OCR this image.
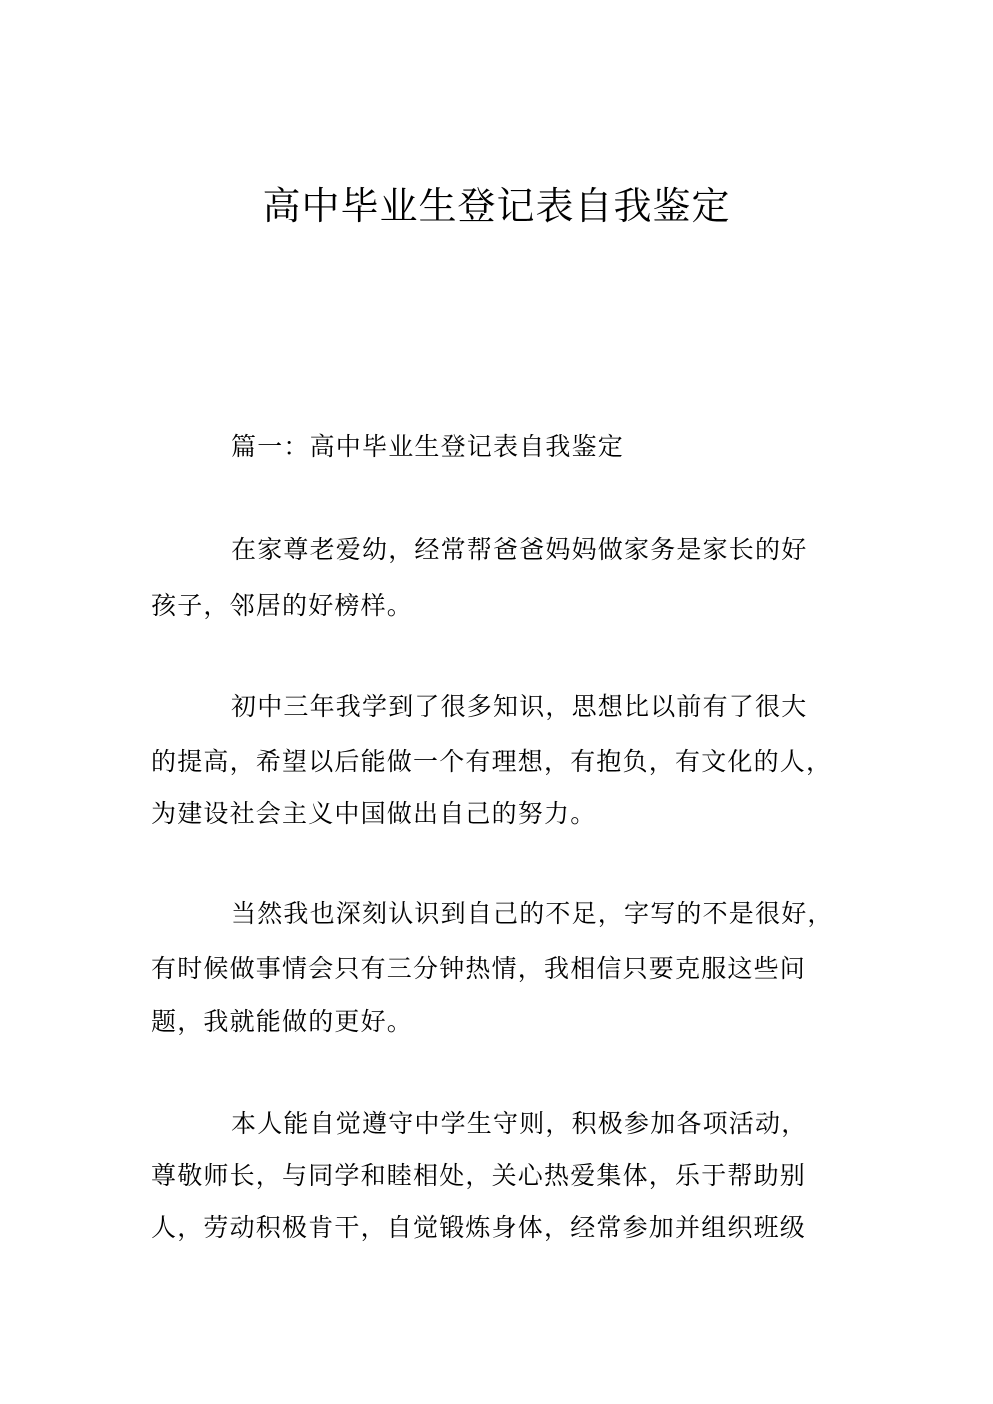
高中毕业生登记表自我鉴定
篇一：高中毕业生登记表自我鉴定
在家尊老爱幼，经常帮爸爸妈妈做家务是家长的好
孩子，邻居的好榜样。
初中三年我学到了很多知识，思想比以前有了很大
的提高，希望以后能做一个有理想，有抱负，有文化的人，
为建设社会主义中国做出自己的努力。
当然我也深刻认识到自己的不足，字写的不是很好，
有时候做事情会只有三分钟热情，我相信只要克服这些问
题，我就能做的更好。
本人能自觉遵守中学生守则，积极参加各项活动，
尊敬师长，与同学和睦相处，关心热爱集体，乐于帮助别
人，劳动积极肯干，自觉锻炼身体，经常参加并组织班级
